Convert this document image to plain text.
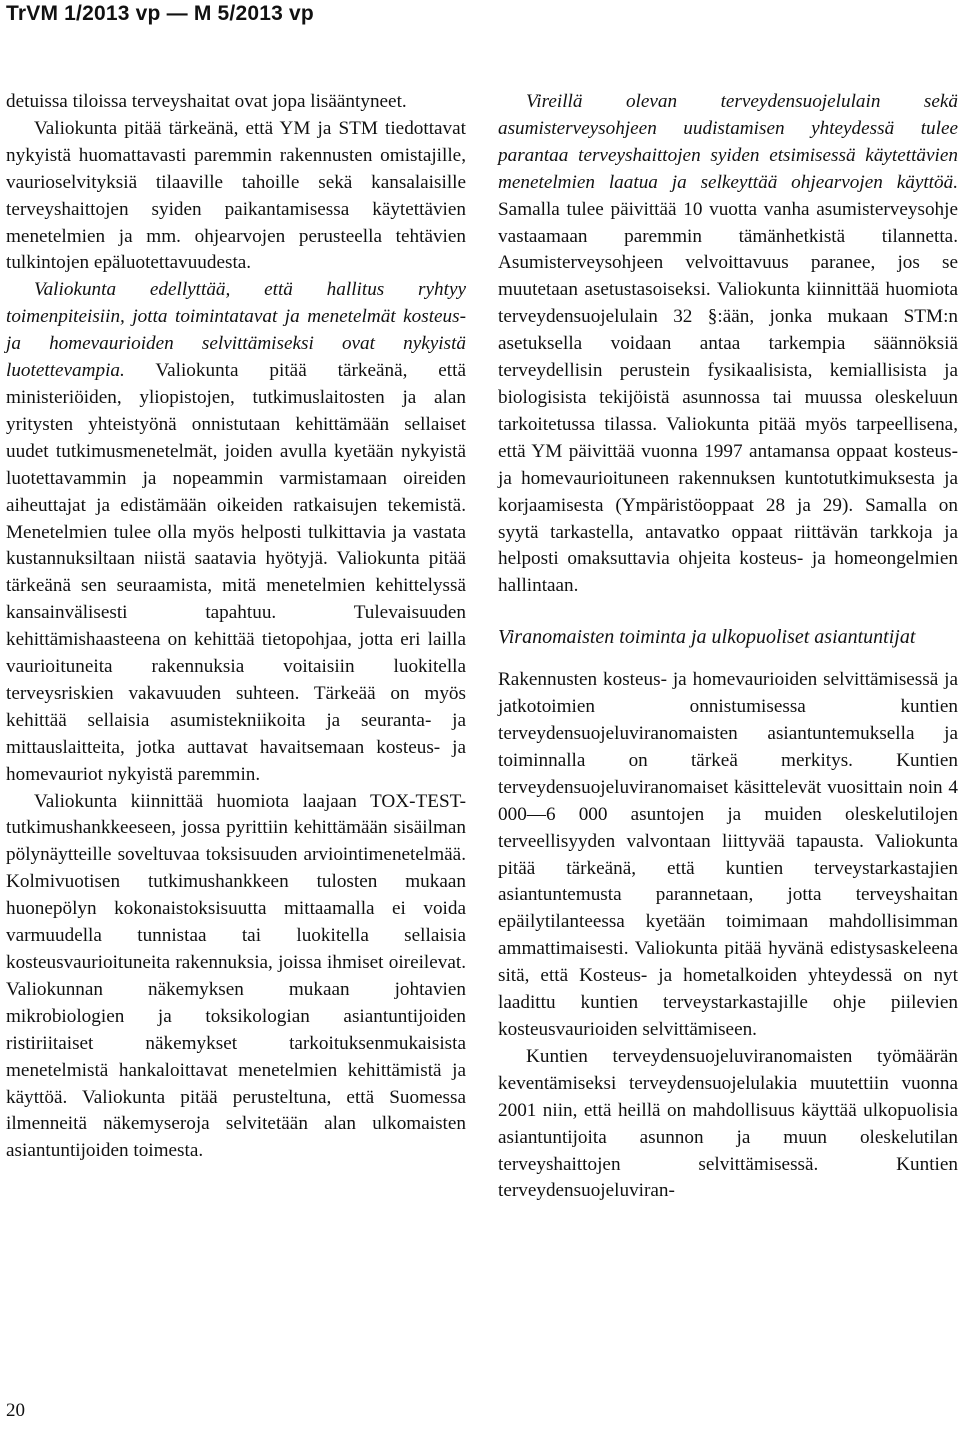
TrVM 1/2013 vp — M 5/2013 vp

detuissa tiloissa terveyshaitat ovat jopa lisääntyneet.

Valiokunta pitää tärkeänä, että YM ja STM tiedottavat nykyistä huomattavasti paremmin rakennusten omistajille, vaurioselvityksiä tilaaville tahoille sekä kansalaisille terveyshaittojen syiden paikantamisessa käytettävien menetelmien ja mm. ohjearvojen perusteella tehtävien tulkintojen epäluotettavuudesta.

Valiokunta edellyttää, että hallitus ryhtyy toimenpiteisiin, jotta toimintatavat ja menetelmät kosteus- ja homevaurioiden selvittämiseksi ovat nykyistä luotettevampia. Valiokunta pitää tärkeänä, että ministeriöiden, yliopistojen, tutkimuslaitosten ja alan yritysten yhteistyönä onnistutaan kehittämään sellaiset uudet tutkimusmenetelmät, joiden avulla kyetään nykyistä luotettavammin ja nopeammin varmistamaan oireiden aiheuttajat ja edistämään oikeiden ratkaisujen tekemistä. Menetelmien tulee olla myös helposti tulkittavia ja vastata kustannuksiltaan niistä saatavia hyötyjä. Valiokunta pitää tärkeänä sen seuraamista, mitä menetelmien kehittelyssä kansainvälisesti tapahtuu. Tulevaisuuden kehittämishaasteena on kehittää tietopohjaa, jotta eri lailla vaurioituneita rakennuksia voitaisiin luokitella terveysriskien vakavuuden suhteen. Tärkeää on myös kehittää sellaisia asumistekniikoita ja seuranta- ja mittauslaitteita, jotka auttavat havaitsemaan kosteus- ja homevauriot nykyistä paremmin.

Valiokunta kiinnittää huomiota laajaan TOX-TEST-tutkimushankkeeseen, jossa pyrittiin kehittämään sisäilman pölynäytteille soveltuvaa toksisuuden arviointimenetelmää. Kolmivuotisen tutkimushankkeen tulosten mukaan huonepölyn kokonaistoksisuutta mittaamalla ei voida varmuudella tunnistaa tai luokitella sellaisia kosteusvaurioituneita rakennuksia, joissa ihmiset oireilevat. Valiokunnan näkemyksen mukaan johtavien mikrobiologien ja toksikologian asiantuntijoiden ristiriitaiset näkemykset tarkoituksenmukaisista menetelmistä hankaloittavat menetelmien kehittämistä ja käyttöä. Valiokunta pitää perusteltuna, että Suomessa ilmenneitä näkemyseroja selvitetään alan ulkomaisten asiantuntijoiden toimesta.

Vireillä olevan terveydensuojelulain sekä asumisterveysohjeen uudistamisen yhteydessä tulee parantaa terveyshaittojen syiden etsimisessä käytettävien menetelmien laatua ja selkeyttää ohjearvojen käyttöä. Samalla tulee päivittää 10 vuotta vanha asumisterveysohje vastaamaan paremmin tämänhetkistä tilannetta. Asumisterveysohjeen velvoittavuus paranee, jos se muutetaan asetustasoiseksi. Valiokunta kiinnittää huomiota terveydensuojelulain 32 §:ään, jonka mukaan STM:n asetuksella voidaan antaa tarkempia säännöksiä terveydellisin perustein fysikaalisista, kemiallisista ja biologisista tekijöistä asunnossa tai muussa oleskeluun tarkoitetussa tilassa. Valiokunta pitää myös tarpeellisena, että YM päivittää vuonna 1997 antamansa oppaat kosteus- ja homevaurioituneen rakennuksen kuntotutkimuksesta ja korjaamisesta (Ympäristöoppaat 28 ja 29). Samalla on syytä tarkastella, antavatko oppaat riittävän tarkkoja ja helposti omaksuttavia ohjeita kosteus- ja homeongelmien hallintaan.

Viranomaisten toiminta ja ulkopuoliset asiantuntijat

Rakennusten kosteus- ja homevaurioiden selvittämisessä ja jatkotoimien onnistumisessa kuntien terveydensuojeluviranomaisten asiantuntemuksella ja toiminnalla on tärkeä merkitys. Kuntien terveydensuojeluviranomaiset käsittelevät vuosittain noin 4 000—6 000 asuntojen ja muiden oleskelutilojen terveellisyyden valvontaan liittyvää tapausta. Valiokunta pitää tärkeänä, että kuntien terveystarkastajien asiantuntemusta parannetaan, jotta terveyshaitan epäilytilanteessa kyetään toimimaan mahdollisimman ammattimaisesti. Valiokunta pitää hyvänä edistysaskeleena sitä, että Kosteus- ja hometalkoiden yhteydessä on nyt laadittu kuntien terveystarkastajille ohje piilevien kosteusvaurioiden selvittämiseen.

Kuntien terveydensuojeluviranomaisten työmäärän keventämiseksi terveydensuojelulakia muutettiin vuonna 2001 niin, että heillä on mahdollisuus käyttää ulkopuolisia asiantuntijoita asunnon ja muun oleskelutilan terveyshaittojen selvittämisessä. Kuntien terveydensuojeluviran-

20
